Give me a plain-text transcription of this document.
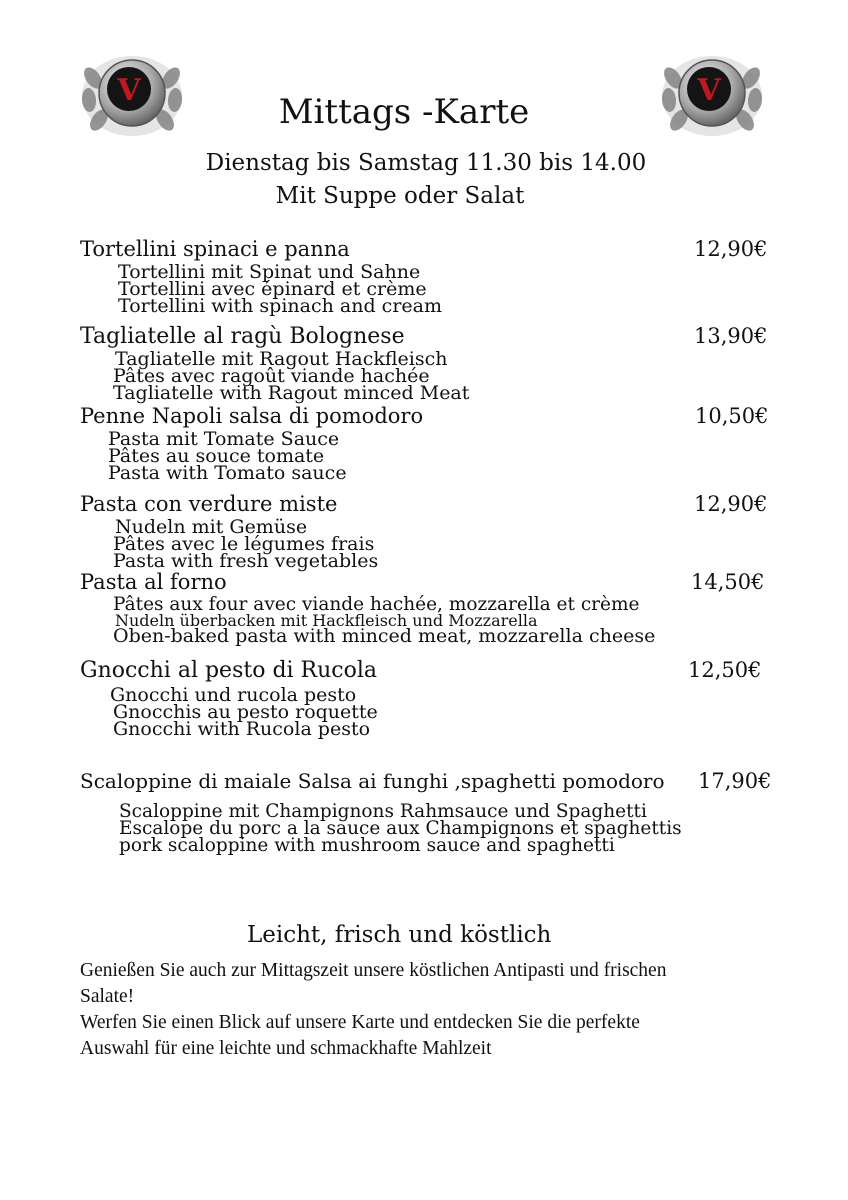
V	V
Mittags -Karte
Dienstag bis Samstag 11.30 bis 14.00
Mit Suppe oder Salat
Tortellini spinaci e panna	12,90€
Tortellini mit Spinat und Sahne
Tortellini avec épinard et crème
Tortellini with spinach and cream
Tagliatelle al ragù Bolognese	13,90€
Tagliatelle mit Ragout Hackfleisch
Pâtes avec ragoût viande hachée
Tagliatelle with Ragout minced Meat
Penne Napoli salsa di pomodoro	10,50€
Pasta mit Tomate Sauce
Pâtes au souce tomate
Pasta with Tomato sauce
Pasta con verdure miste	12,90€
Nudeln mit Gemüse
Pâtes avec le légumes frais
Pasta with fresh vegetables
Pasta al forno	14,50€
Pâtes aux four avec viande hachée, mozzarella et crème
Nudeln überbacken mit Hackfleisch und Mozzarella
Oben-baked pasta with minced meat, mozzarella cheese
Gnocchi al pesto di Rucola	12,50€
Gnocchi und rucola pesto
Gnocchis au pesto roquette
Gnocchi with Rucola pesto
Scaloppine di maiale Salsa ai funghi ,spaghetti pomodoro 17,90€
Scaloppine mit Champignons Rahmsauce und Spaghetti
Escalope du porc a la sauce aux Champignons et spaghettis
pork scaloppine with mushroom sauce and spaghetti
Leicht, frisch und köstlich

Genießen Sie auch zur Mittagszeit unsere köstlichen Antipasti und frischen

Salate!

Werfen Sie einen Blick auf unsere Karte und entdecken Sie die perfekte

Auswahl für eine leichte und schmackhafte Mahlzeit
